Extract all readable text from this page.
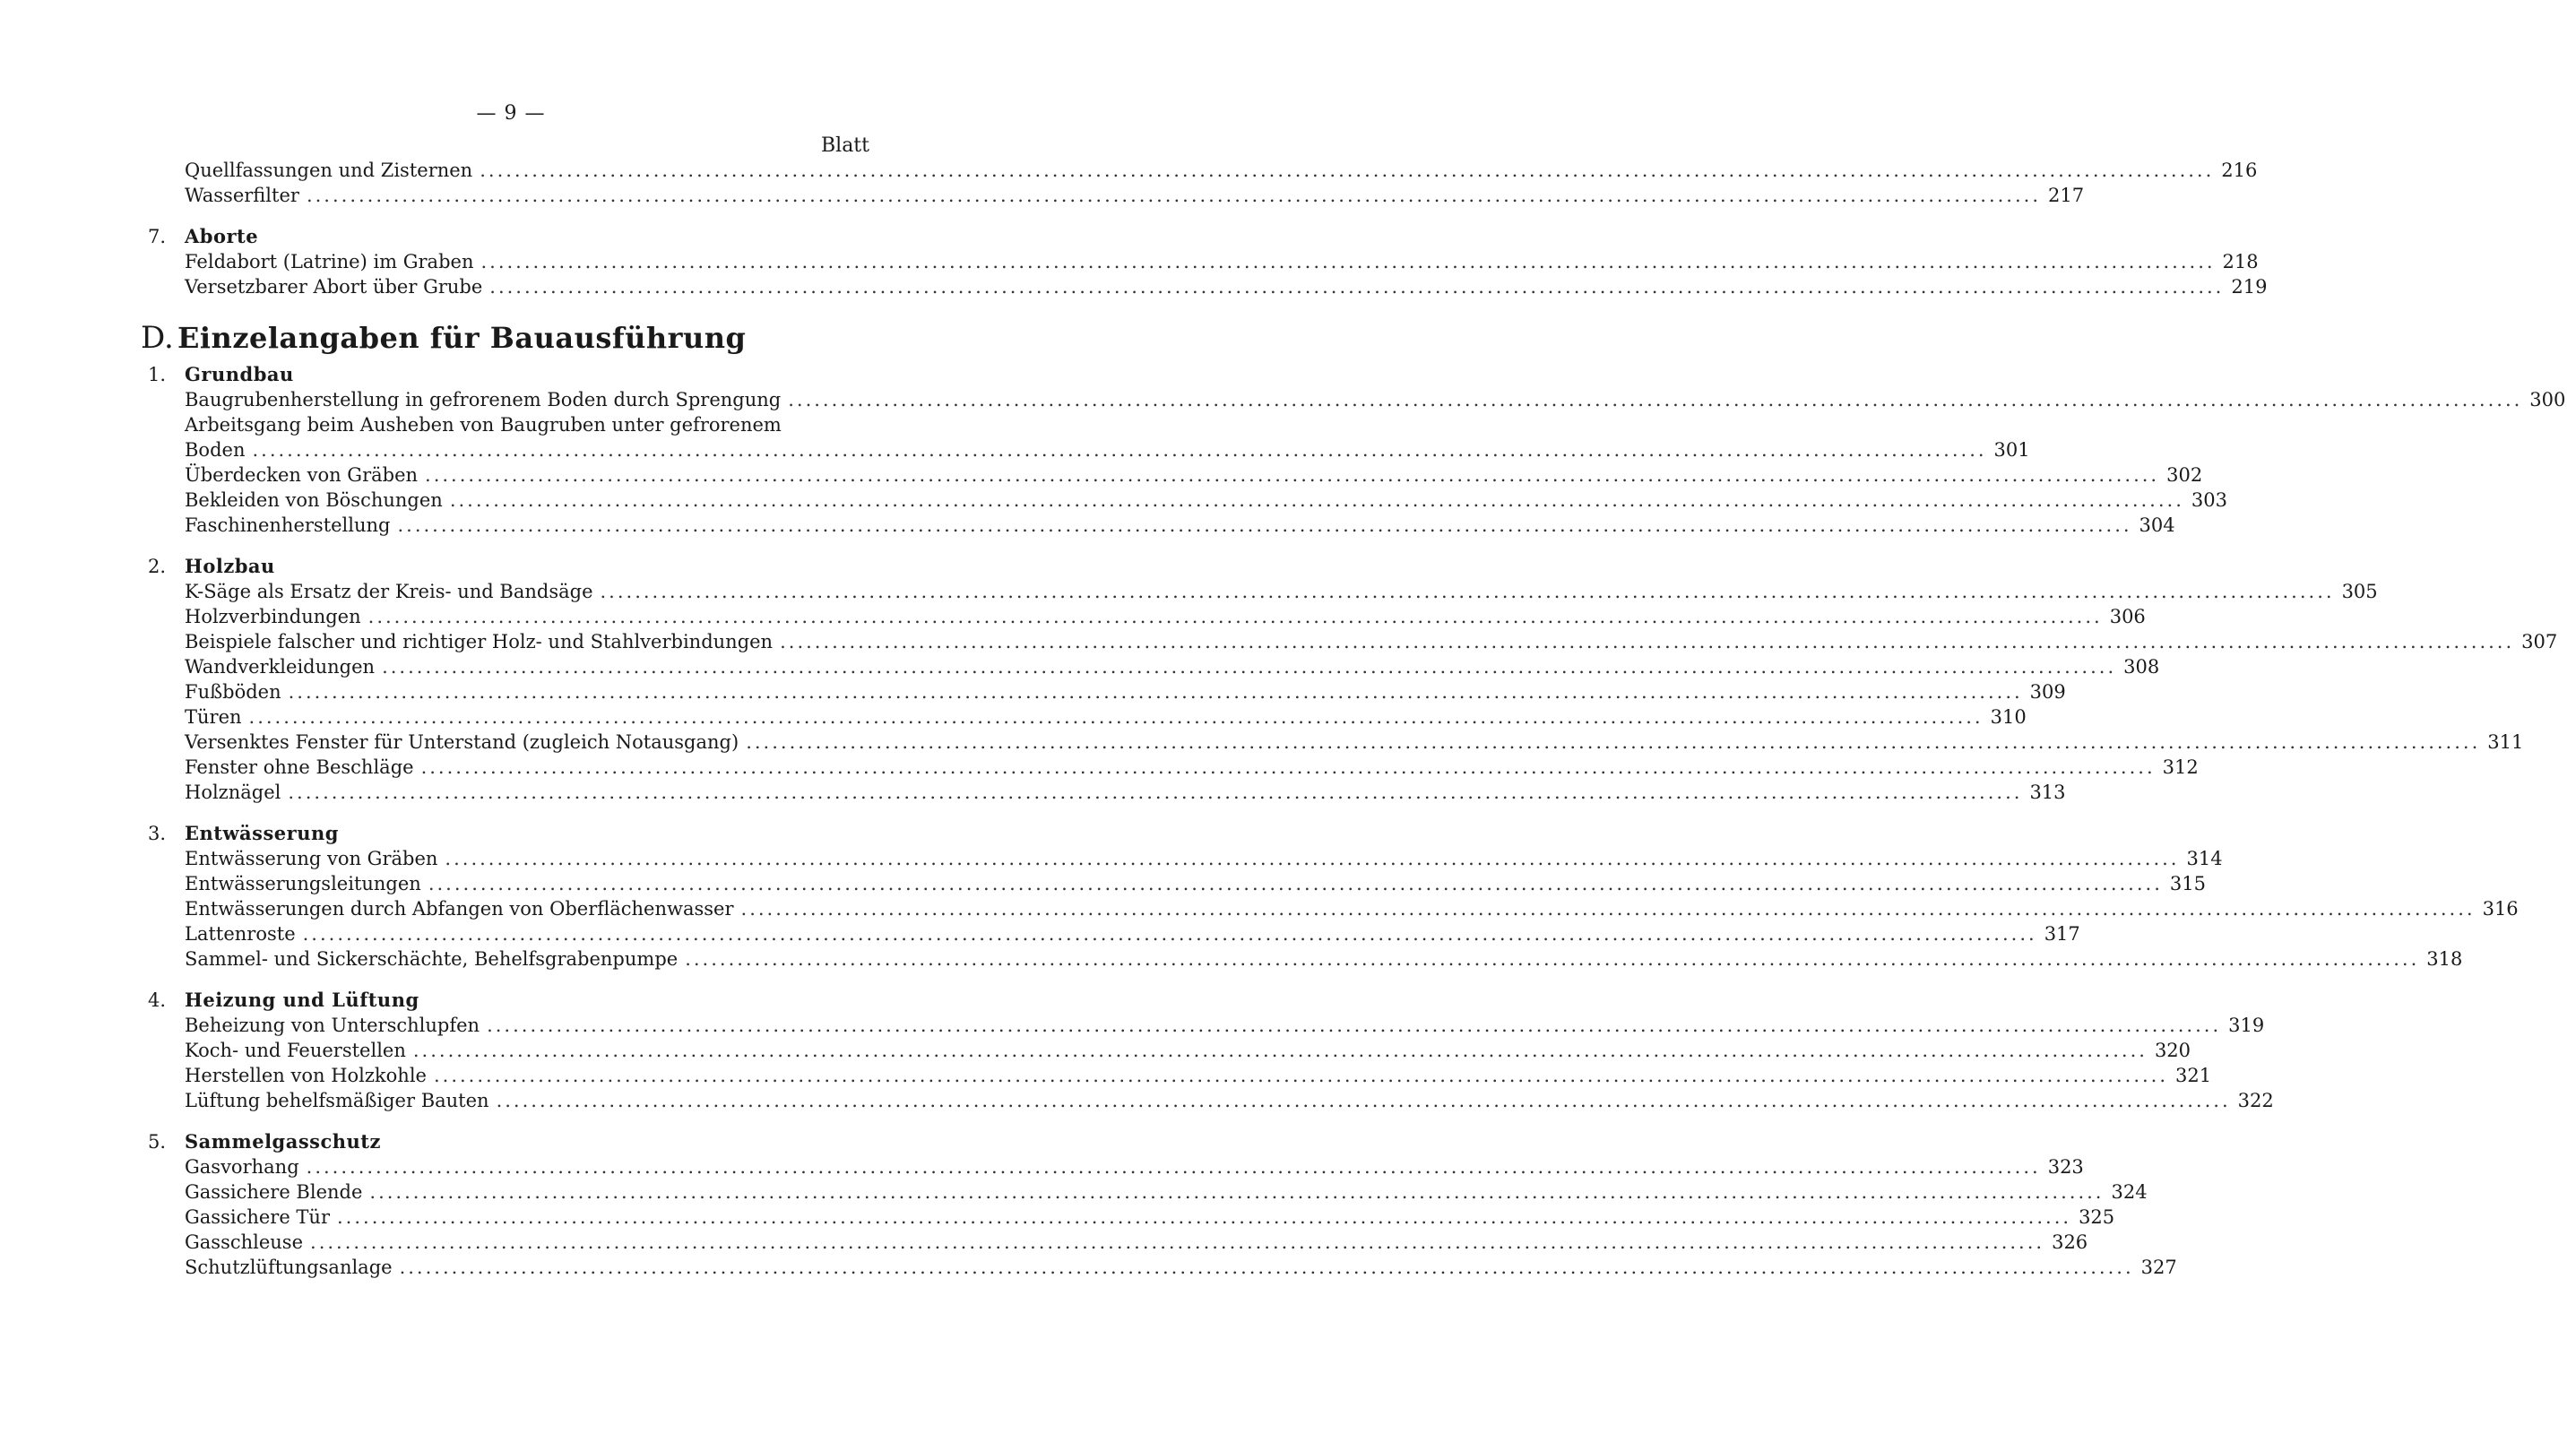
— 9 —
Blatt
Quellfassungen und Zisternen ........................................................................................................................................................................................................ 216
Wasserfilter ........................................................................................................................................................................................................ 217
7. Aborte
Feldabort (Latrine) im Graben ........................................................................................................................................................................................................ 218
Versetzbarer Abort über Grube ........................................................................................................................................................................................................ 219
D. Einzelangaben für Bauausführung
1. Grundbau
Baugrubenherstellung in gefrorenem Boden durch Sprengung ........................................................................................................................................................................................................ 300
Arbeitsgang beim Ausheben von Baugruben unter gefrorenem
Boden ........................................................................................................................................................................................................ 301
Überdecken von Gräben ........................................................................................................................................................................................................ 302
Bekleiden von Böschungen ........................................................................................................................................................................................................ 303
Faschinenherstellung ........................................................................................................................................................................................................ 304
2. Holzbau
K-Säge als Ersatz der Kreis- und Bandsäge ........................................................................................................................................................................................................ 305
Holzverbindungen ........................................................................................................................................................................................................ 306
Beispiele falscher und richtiger Holz- und Stahlverbindungen ........................................................................................................................................................................................................ 307
Wandverkleidungen ........................................................................................................................................................................................................ 308
Fußböden ........................................................................................................................................................................................................ 309
Türen ........................................................................................................................................................................................................ 310
Versenktes Fenster für Unterstand (zugleich Notausgang) ........................................................................................................................................................................................................ 311
Fenster ohne Beschläge ........................................................................................................................................................................................................ 312
Holznägel ........................................................................................................................................................................................................ 313
3. Entwässerung
Entwässerung von Gräben ........................................................................................................................................................................................................ 314
Entwässerungsleitungen ........................................................................................................................................................................................................ 315
Entwässerungen durch Abfangen von Oberflächenwasser ........................................................................................................................................................................................................ 316
Lattenroste ........................................................................................................................................................................................................ 317
Sammel- und Sickerschächte, Behelfsgrabenpumpe ........................................................................................................................................................................................................ 318
4. Heizung und Lüftung
Beheizung von Unterschlupfen ........................................................................................................................................................................................................ 319
Koch- und Feuerstellen ........................................................................................................................................................................................................ 320
Herstellen von Holzkohle ........................................................................................................................................................................................................ 321
Lüftung behelfsmäßiger Bauten ........................................................................................................................................................................................................ 322
5. Sammelgasschutz
Gasvorhang ........................................................................................................................................................................................................ 323
Gassichere Blende ........................................................................................................................................................................................................ 324
Gassichere Tür ........................................................................................................................................................................................................ 325
Gasschleuse ........................................................................................................................................................................................................ 326
Schutzlüftungsanlage ........................................................................................................................................................................................................ 327
